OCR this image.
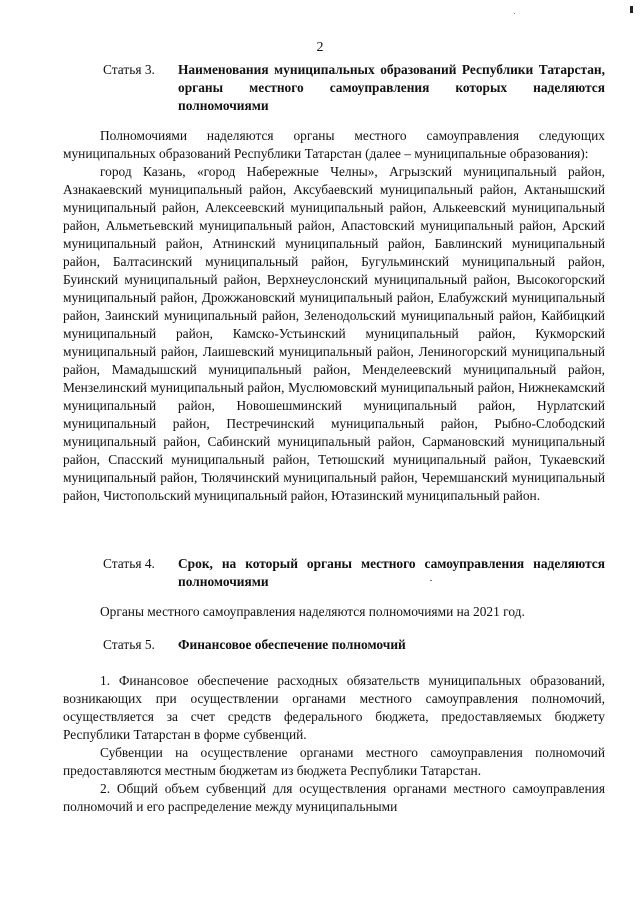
2
Статья 3.	Наименования муниципальных образований Республики Татарстан, органы местного самоуправления которых наделяются полномочиями

Полномочиями наделяются органы местного самоуправления следующих муниципальных образований Республики Татарстан (далее – муниципальные образования):

город Казань, «город Набережные Челны», Агрызский муниципальный район, Азнакаевский муниципальный район, Аксубаевский муниципальный район, Актанышский муниципальный район, Алексеевский муниципальный район, Алькеевский муниципальный район, Альметьевский муниципальный район, Апастовский муниципальный район, Арский муниципальный район, Атнинский муниципальный район, Бавлинский муниципальный район, Балтасинский муниципальный район, Бугульминский муниципальный район, Буинский муниципальный район, Верхнеуслонский муниципальный район, Высокогорский муниципальный район, Дрожжановский муниципальный район, Елабужский муниципальный район, Заинский муниципальный район, Зеленодольский муниципальный район, Кайбицкий муниципальный район, Камско-Устьинский муниципальный район, Кукморский муниципальный район, Лаишевский муниципальный район, Лениногорский муниципальный район, Мамадышский муниципальный район, Менделеевский муниципальный район, Мензелинский муниципальный район, Муслюмовский муниципальный район, Нижнекамский муниципальный район, Новошешминский муниципальный район, Нурлатский муниципальный район, Пестречинский муниципальный район, Рыбно-Слободский муниципальный район, Сабинский муниципальный район, Сармановский муниципальный район, Спасский муниципальный район, Тетюшский муниципальный район, Тукаевский муниципальный район, Тюлячинский муниципальный район, Черемшанский муниципальный район, Чистопольский муниципальный район, Ютазинский муниципальный район.

Статья 4.	Срок, на который органы местного самоуправления наделяются полномочиями

Органы местного самоуправления наделяются полномочиями на 2021 год.

Статья 5.	Финансовое обеспечение полномочий

1. Финансовое обеспечение расходных обязательств муниципальных образований, возникающих при осуществлении органами местного самоуправления полномочий, осуществляется за счет средств федерального бюджета, предоставляемых бюджету Республики Татарстан в форме субвенций.

Субвенции на осуществление органами местного самоуправления полномочий предоставляются местным бюджетам из бюджета Республики Татарстан.

2. Общий объем субвенций для осуществления органами местного самоуправления полномочий и его распределение между муниципальными
